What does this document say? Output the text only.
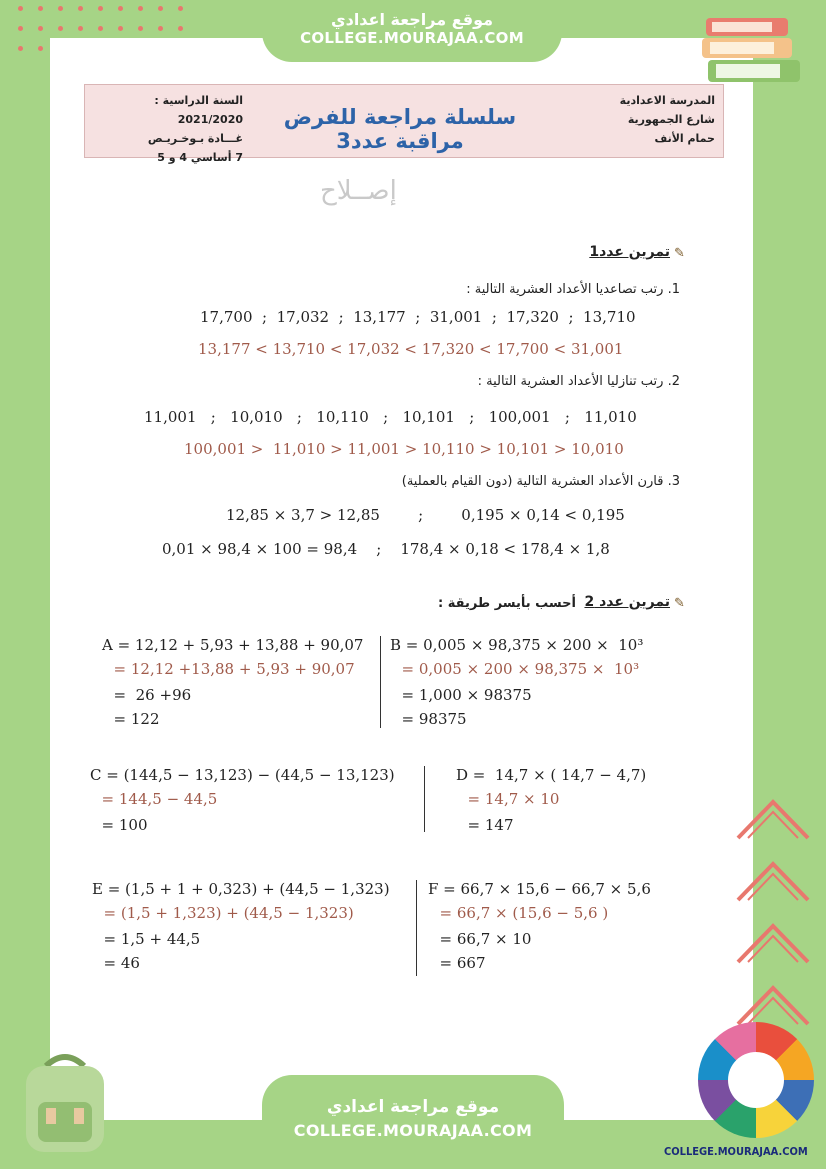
موقع مراجعة اعدادي
COLLEGE.MOURAJAA.COM
السنة الدراسية : 2021/2020
غـــادة بـوخـريـص
7 أساسي 4 و 5
سلسلة مراجعة للفرض مراقبة عدد3
المدرسة الاعدادية
شارع الجمهورية
حمام الأنف
إصــلاح
✎
تمرين عدد1
1. رتب تصاعديا الأعداد العشرية التالية :
17,700  ;  17,032  ;  13,177  ;  31,001  ;  17,320  ;  13,710
13,177 < 13,710 < 17,032 < 17,320 < 17,700 < 31,001
2. رتب تنازليا الأعداد العشرية التالية :
11,001   ;   10,010   ;   10,110   ;   10,101   ;   100,001   ;   11,010
100,001 >  11,010 > 11,001 > 10,110 > 10,101 > 10,010
3. قارن الأعداد العشرية التالية (دون القيام بالعملية)
12,85 × 3,7 > 12,85        ;        0,195 × 0,14 < 0,195
0,01 × 98,4 × 100 = 98,4    ;    178,4 × 0,18 < 178,4 × 1,8
✎
تمرين عدد 2
أحسب بأيسر طريقة :
A = 12,12 + 5,93 + 13,88 + 90,07
= 12,12 +13,88 + 5,93 + 90,07
=  26 +96
= 122
B = 0,005 × 98,375 × 200 ×  10³
= 0,005 × 200 × 98,375 ×  10³
= 1,000 × 98375
= 98375
C = (144,5 − 13,123) − (44,5 − 13,123)
= 144,5 − 44,5
= 100
D =  14,7 × ( 14,7 − 4,7)
= 14,7 × 10
= 147
E = (1,5 + 1 + 0,323) + (44,5 − 1,323)
= (1,5 + 1,323) + (44,5 − 1,323)
= 1,5 + 44,5
= 46
F = 66,7 × 15,6 − 66,7 × 5,6
= 66,7 × (15,6 − 5,6 )
= 66,7 × 10
= 667
موقع مراجعة اعدادي
COLLEGE.MOURAJAA.COM
COLLEGE.MOURAJAA.COM
